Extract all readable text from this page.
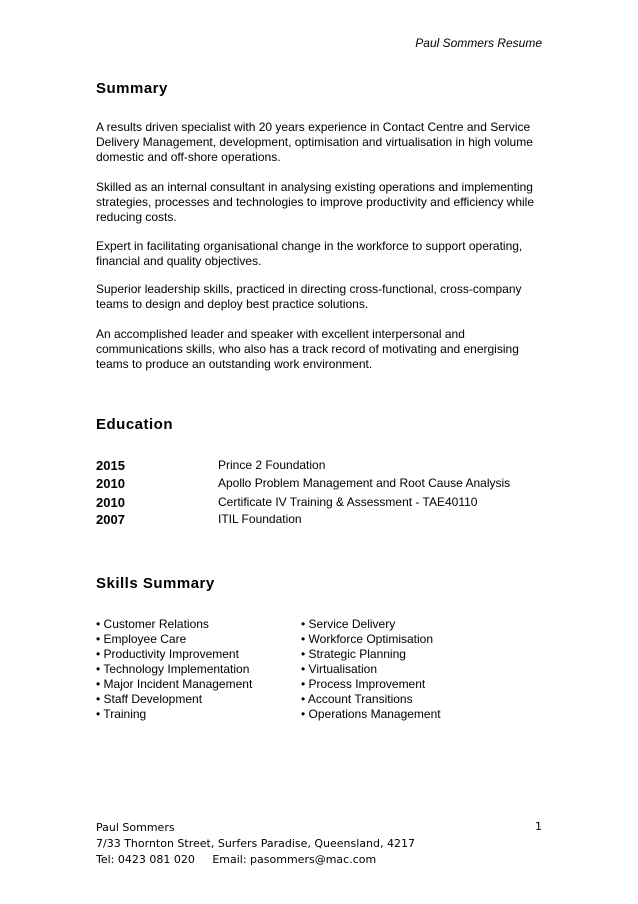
Paul Sommers Resume
Summary
A results driven specialist with 20 years experience in Contact Centre and Service Delivery Management, development, optimisation and virtualisation in high volume domestic and off-shore operations.
Skilled as an internal consultant in analysing existing operations and implementing strategies, processes and technologies to improve productivity and efficiency while reducing costs.
Expert in facilitating organisational change in the workforce to support operating, financial and quality objectives.
Superior leadership skills, practiced in directing cross-functional, cross-company teams to design and deploy best practice solutions.
An accomplished leader and speaker with excellent interpersonal and communications skills, who also has a track record of motivating and energising teams to produce an outstanding work environment.
Education
2015	Prince 2 Foundation
2010	Apollo Problem Management and Root Cause Analysis
2010	Certificate IV Training & Assessment - TAE40110
2007	ITIL Foundation
Skills Summary
• Customer Relations
• Employee Care
• Productivity Improvement
• Technology Implementation
• Major Incident Management
• Staff Development
• Training
• Service Delivery
• Workforce Optimisation
• Strategic Planning
• Virtualisation
• Process Improvement
• Account Transitions
• Operations Management
Paul Sommers
7/33 Thornton Street, Surfers Paradise, Queensland, 4217
Tel: 0423 081 020     Email: pasommers@mac.com
1
